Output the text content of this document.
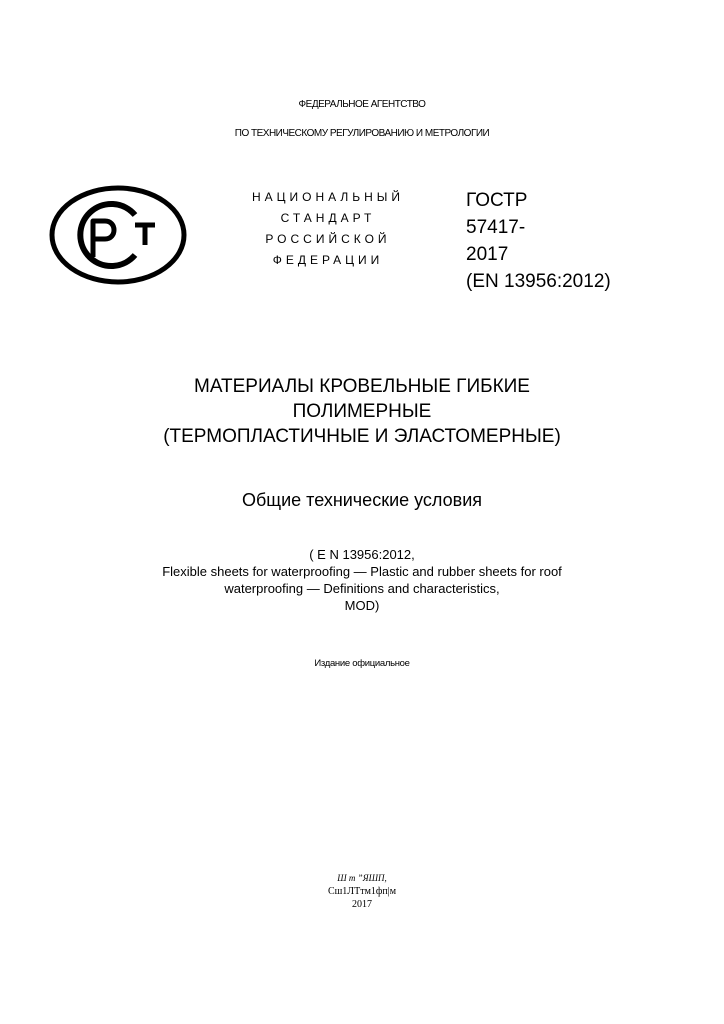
ФЕДЕРАЛЬНОЕ АГЕНТСТВО
ПО ТЕХНИЧЕСКОМУ РЕГУЛИРОВАНИЮ И МЕТРОЛОГИИ
НАЦИОНАЛЬНЫЙ
СТАНДАРТ
РОССИЙСКОЙ
ФЕДЕРАЦИИ
ГОСТР
57417-
2017
(EN 13956:2012)
МАТЕРИАЛЫ КРОВЕЛЬНЫЕ ГИБКИЕ
ПОЛИМЕРНЫЕ
(ТЕРМОПЛАСТИЧНЫЕ И ЭЛАСТОМЕРНЫЕ)
Общие технические условия
( E N 13956:2012,
Flexible sheets for waterproofing — Plastic and rubber sheets for roof
waterproofing — Definitions and characteristics,
MOD)
Издание официальное
Ш т ”ЯШП,
Сш1ЛТтм1фп|м
2017
